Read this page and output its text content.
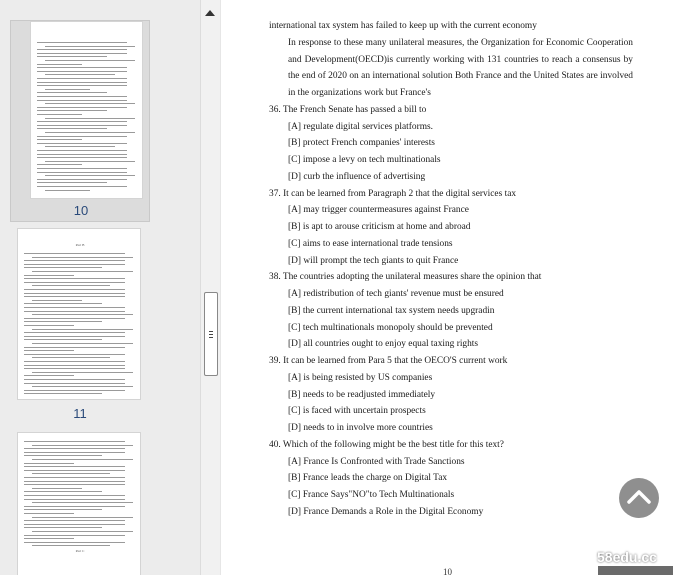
10
Part B
11
Part C
international tax system has failed to keep up with the current economy
In response to these many unilateral measures, the Organization for Economic Cooperation and Development(OECD)is currently working with 131 countries to reach a consensus by the end of 2020 on an international solution Both France and the United States are involved in the organizations work but France's
36. The French Senate has passed a bill to
[A] regulate digital services platforms.
[B] protect French companies' interests
[C] impose a levy on tech multinationals
[D] curb the influence of advertising
37. It can be learned from Paragraph 2 that the digital services tax
[A] may trigger countermeasures against France
[B] is apt to arouse criticism at home and abroad
[C] aims to ease international trade tensions
[D] will prompt the tech giants to quit France
38. The countries adopting the unilateral measures share the opinion that
[A] redistribution of tech giants' revenue must be ensured
[B] the current international tax system needs upgradin
[C] tech multinationals monopoly should be prevented
[D] all countries ought to enjoy equal taxing rights
39. It can be learned from Para 5 that the OECO'S current work
[A] is being resisted by US companies
[B] needs to be readjusted immediately
[C] is faced with uncertain prospects
[D] needs to in involve more countries
40. Which of the following might be the best title for this text?
[A] France Is Confronted with Trade Sanctions
[B] France leads the charge on Digital Tax
[C] France Says"NO"to Tech Multinationals
[D] France Demands a Role in the Digital Economy
10
58edu.cc
